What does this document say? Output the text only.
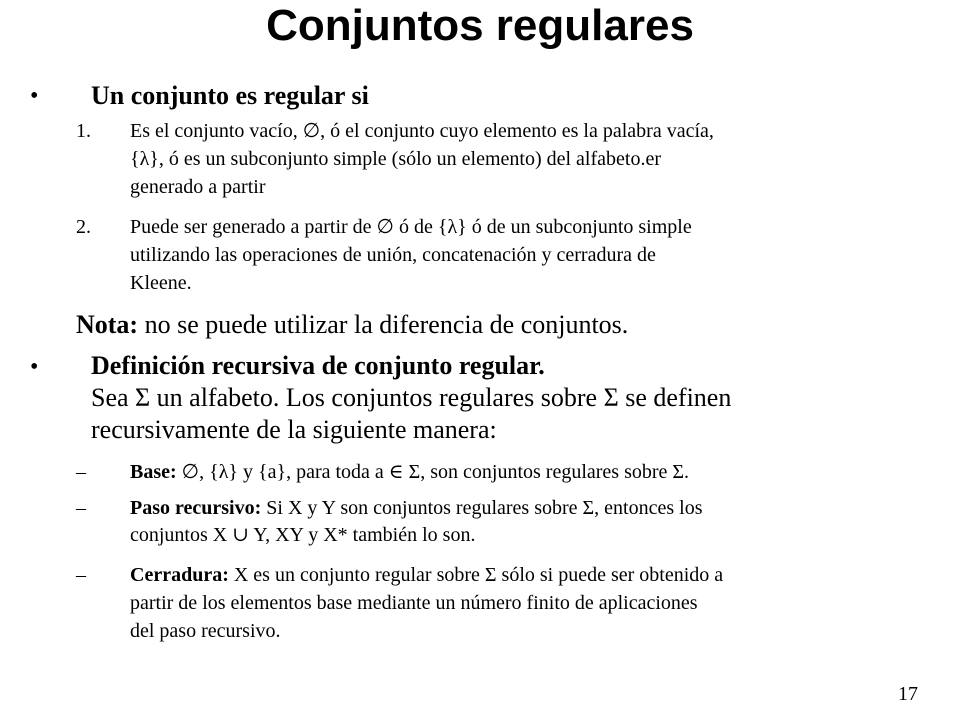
Conjuntos regulares
• Un conjunto es regular si
1. Es el conjunto vacío, ∅, ó el conjunto cuyo elemento es la palabra vacía,
{λ}, ó es un subconjunto simple (sólo un elemento) del alfabeto.er
generado a partir
2. Puede ser generado a partir de ∅ ó de {λ} ó de un subconjunto simple
utilizando las operaciones de unión, concatenación y cerradura de
Kleene.
Nota: no se puede utilizar la diferencia de conjuntos.
• Definición recursiva de conjunto regular.
Sea Σ un alfabeto. Los conjuntos regulares sobre Σ se definen
recursivamente de la siguiente manera:
– Base: ∅, {λ} y {a}, para toda a ∈ Σ, son conjuntos regulares sobre Σ.
– Paso recursivo: Si X y Y son conjuntos regulares sobre Σ, entonces los
conjuntos X ∪ Y, XY y X* también lo son.
– Cerradura: X es un conjunto regular sobre Σ sólo si puede ser obtenido a
partir de los elementos base mediante un número finito de aplicaciones
del paso recursivo.
17
